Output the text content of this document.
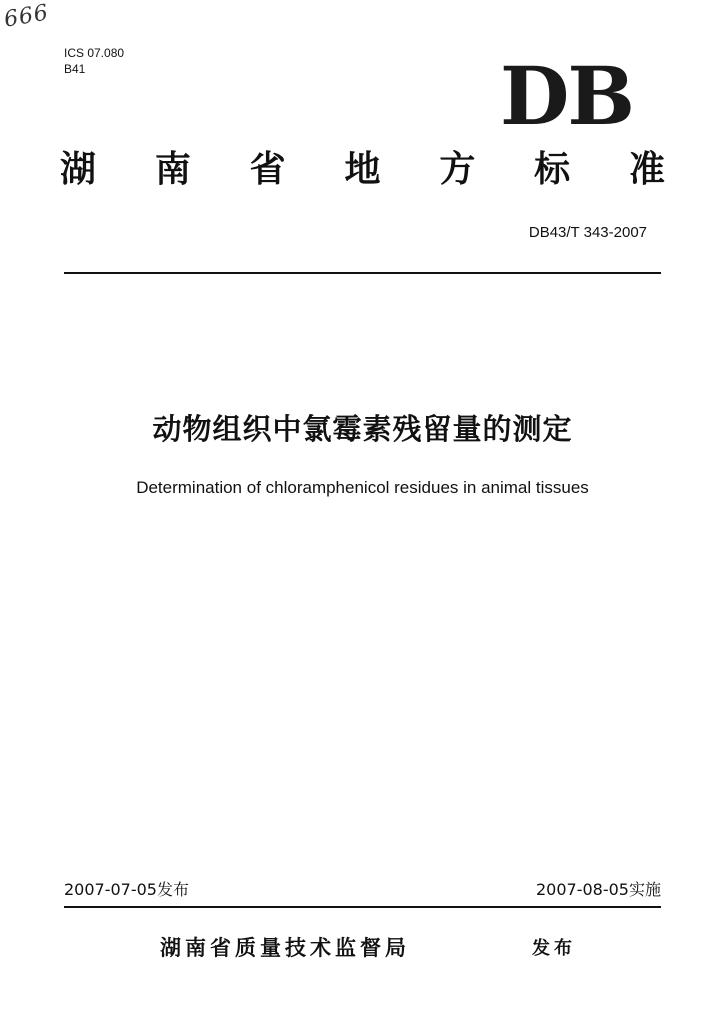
666
ICS 07.080
B41	DB
湖 南 省 地 方 标 准
DB43/T 343-2007
动物组织中氯霉素残留量的测定
Determination of chloramphenicol residues in animal tissues
2007-07-05发布	2007-08-05实施
湖南省质量技术监督局	发布
